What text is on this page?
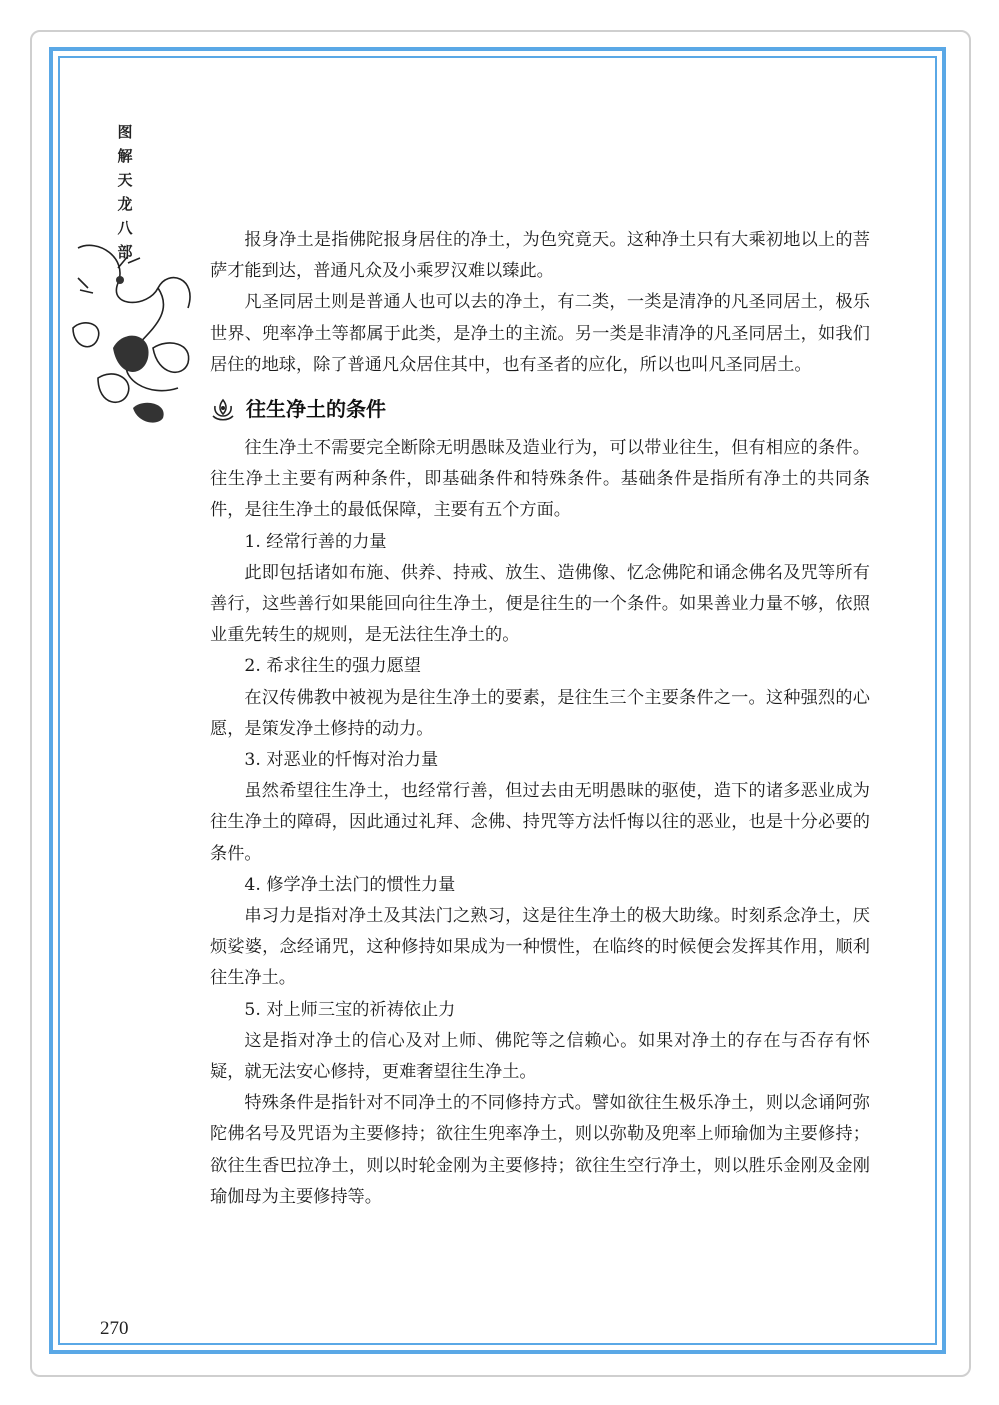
图
解
天
龙
八
部

报身净土是指佛陀报身居住的净土，为色究竟天。这种净土只有大乘初地以上的菩萨才能到达，普通凡众及小乘罗汉难以臻此。

凡圣同居土则是普通人也可以去的净土，有二类，一类是清净的凡圣同居土，极乐世界、兜率净土等都属于此类，是净土的主流。另一类是非清净的凡圣同居土，如我们居住的地球，除了普通凡众居住其中，也有圣者的应化，所以也叫凡圣同居土。

往生净土的条件

往生净土不需要完全断除无明愚昧及造业行为，可以带业往生，但有相应的条件。往生净土主要有两种条件，即基础条件和特殊条件。基础条件是指所有净土的共同条件，是往生净土的最低保障，主要有五个方面。

1. 经常行善的力量

此即包括诸如布施、供养、持戒、放生、造佛像、忆念佛陀和诵念佛名及咒等所有善行，这些善行如果能回向往生净土，便是往生的一个条件。如果善业力量不够，依照业重先转生的规则，是无法往生净土的。

2. 希求往生的强力愿望

在汉传佛教中被视为是往生净土的要素，是往生三个主要条件之一。这种强烈的心愿，是策发净土修持的动力。

3. 对恶业的忏悔对治力量

虽然希望往生净土，也经常行善，但过去由无明愚昧的驱使，造下的诸多恶业成为往生净土的障碍，因此通过礼拜、念佛、持咒等方法忏悔以往的恶业，也是十分必要的条件。

4. 修学净土法门的惯性力量

串习力是指对净土及其法门之熟习，这是往生净土的极大助缘。时刻系念净土，厌烦娑婆，念经诵咒，这种修持如果成为一种惯性，在临终的时候便会发挥其作用，顺利往生净土。

5. 对上师三宝的祈祷依止力

这是指对净土的信心及对上师、佛陀等之信赖心。如果对净土的存在与否存有怀疑，就无法安心修持，更难奢望往生净土。

特殊条件是指针对不同净土的不同修持方式。譬如欲往生极乐净土，则以念诵阿弥陀佛名号及咒语为主要修持；欲往生兜率净土，则以弥勒及兜率上师瑜伽为主要修持；欲往生香巴拉净土，则以时轮金刚为主要修持；欲往生空行净土，则以胜乐金刚及金刚瑜伽母为主要修持等。

270
